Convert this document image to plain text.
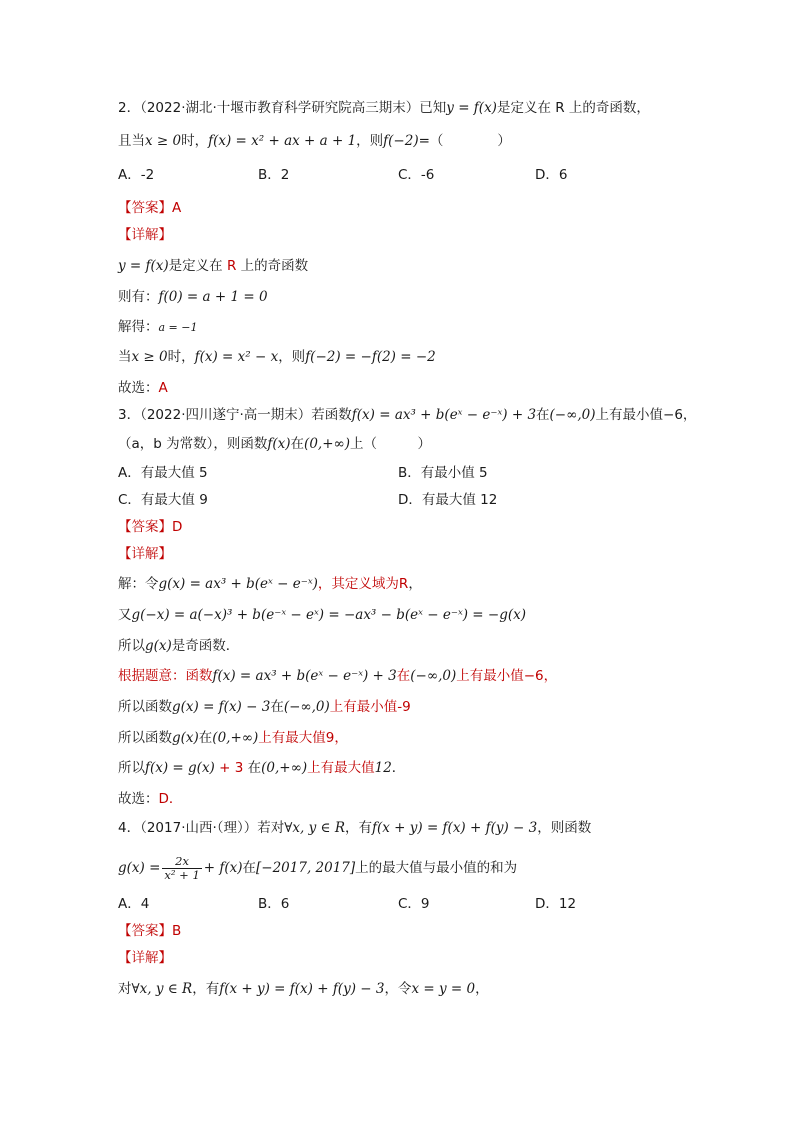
2．（2022·湖北·十堰市教育科学研究院高三期末）已知y = f(x)是定义在 R 上的奇函数，
且当x ≥ 0时，f(x) = x² + ax + a + 1，则f(−2)=（　　　　）
A．-2	B．2	C．-6	D．6
【答案】A
【详解】
y = f(x)是定义在 R 上的奇函数
则有：f(0) = a + 1 = 0
解得：a = −1
当x ≥ 0时，f(x) = x² − x，则f(−2) = −f(2) = −2
故选：A
3．（2022·四川遂宁·高一期末）若函数f(x) = ax³ + b(eˣ − e⁻ˣ) + 3在(−∞,0)上有最小值−6，
（a，b 为常数），则函数f(x)在(0,+∞)上（　　　）
A．有最大值 5	B．有最小值 5
C．有最大值 9	D．有最大值 12
【答案】D
【详解】
解：令g(x) = ax³ + b(eˣ − e⁻ˣ)，其定义域为R，
又g(−x) = a(−x)³ + b(e⁻ˣ − eˣ) = −ax³ − b(eˣ − e⁻ˣ) = −g(x)
所以g(x)是奇函数．
根据题意：函数f(x) = ax³ + b(eˣ − e⁻ˣ) + 3在(−∞,0)上有最小值−6，
所以函数g(x) = f(x) − 3在(−∞,0)上有最小值-9
所以函数g(x)在(0,+∞)上有最大值9，
所以f(x) = g(x) + 3 在(0,+∞)上有最大值12．
故选：D．
4．（2017·山西·（理））若对∀x, y ∈ R，有f(x + y) = f(x) + f(y) − 3，则函数
$g(x) = \frac{2x}{\text{x² + 1}} + f(x)$在[−2017, 2017]上的最大值与最小值的和为
A．4	B．6	C．9	D．12
【答案】B
【详解】
对∀x, y ∈ R，有f(x + y) = f(x) + f(y) − 3，令x = y = 0，
